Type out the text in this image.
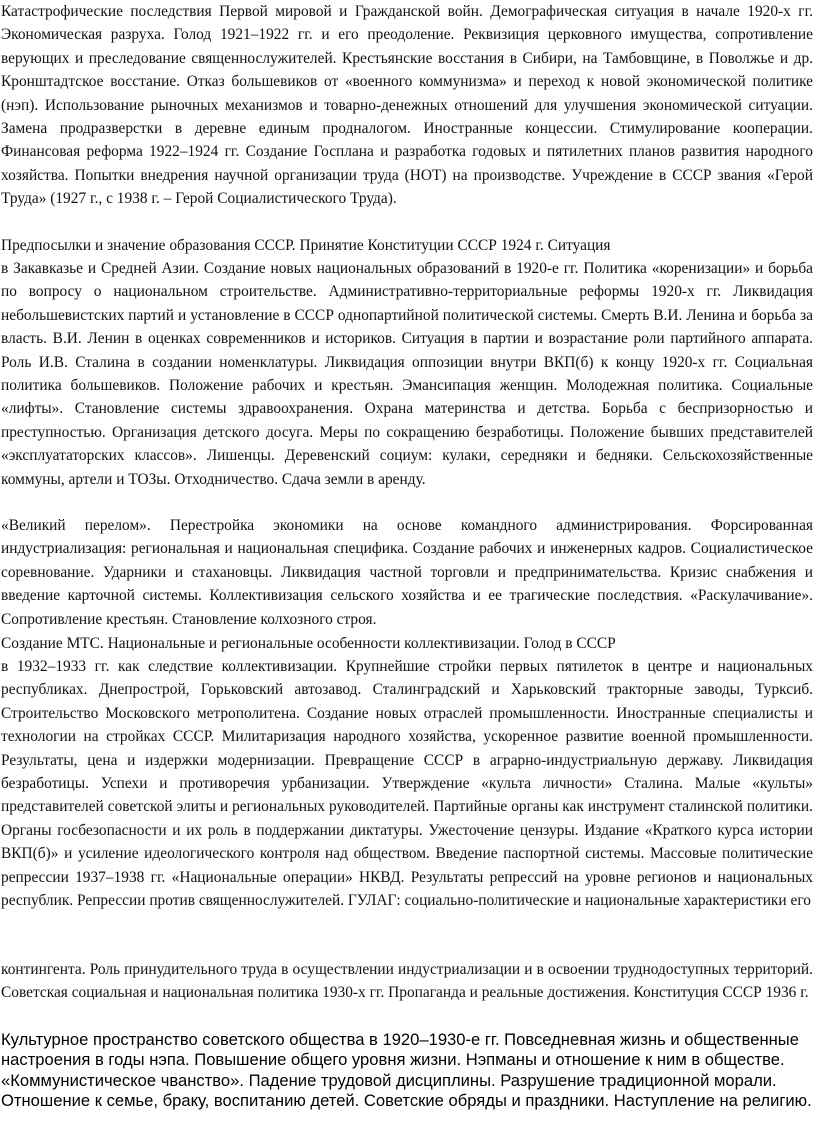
Катастрофические последствия Первой мировой и Гражданской войн. Демографическая ситуация в начале 1920-х гг. Экономическая разруха. Голод 1921–1922 гг. и его преодоление. Реквизиция церковного имущества, сопротивление верующих и преследование священнослужителей. Крестьянские восстания в Сибири, на Тамбовщине, в Поволжье и др. Кронштадтское восстание. Отказ большевиков от «военного коммунизма» и переход к новой экономической политике (нэп). Использование рыночных механизмов и товарно-денежных отношений для улучшения экономической ситуации. Замена продразверстки в деревне единым продналогом. Иностранные концессии. Стимулирование кооперации. Финансовая реформа 1922–1924 гг. Создание Госплана и разработка годовых и пятилетних планов развития народного хозяйства. Попытки внедрения научной организации труда (НОТ) на производстве. Учреждение в СССР звания «Герой Труда» (1927 г., с 1938 г. – Герой Социалистического Труда).

Предпосылки и значение образования СССР. Принятие Конституции СССР 1924 г. Ситуация

в Закавказье и Средней Азии. Создание новых национальных образований в 1920-е гг. Политика «коренизации» и борьба по вопросу о национальном строительстве. Административно-территориальные реформы 1920-х гг. Ликвидация небольшевистских партий и установление в СССР однопартийной политической системы. Смерть В.И. Ленина и борьба за власть. В.И. Ленин в оценках современников и историков. Ситуация в партии и возрастание роли партийного аппарата. Роль И.В. Сталина в создании номенклатуры. Ликвидация оппозиции внутри ВКП(б) к концу 1920-х гг. Социальная политика большевиков. Положение рабочих и крестьян. Эмансипация женщин. Молодежная политика. Социальные «лифты». Становление системы здравоохранения. Охрана материнства и детства. Борьба с беспризорностью и преступностью. Организация детского досуга. Меры по сокращению безработицы. Положение бывших представителей «эксплуататорских классов». Лишенцы. Деревенский социум: кулаки, середняки и бедняки. Сельскохозяйственные коммуны, артели и ТОЗы. Отходничество. Сдача земли в аренду.

«Великий перелом». Перестройка экономики на основе командного администрирования. Форсированная индустриализация: региональная и национальная специфика. Создание рабочих и инженерных кадров. Социалистическое соревнование. Ударники и стахановцы. Ликвидация частной торговли и предпринимательства. Кризис снабжения и введение карточной системы. Коллективизация сельского хозяйства и ее трагические последствия. «Раскулачивание». Сопротивление крестьян. Становление колхозного строя.

Создание МТС. Национальные и региональные особенности коллективизации. Голод в СССР

в 1932–1933 гг. как следствие коллективизации. Крупнейшие стройки первых пятилеток в центре и национальных республиках. Днепрострой, Горьковский автозавод. Сталинградский и Харьковский тракторные заводы, Турксиб. Строительство Московского метрополитена. Создание новых отраслей промышленности. Иностранные специалисты и технологии на стройках СССР. Милитаризация народного хозяйства, ускоренное развитие военной промышленности. Результаты, цена и издержки модернизации. Превращение СССР в аграрно-индустриальную державу. Ликвидация безработицы. Успехи и противоречия урбанизации. Утверждение «культа личности» Сталина. Малые «культы» представителей советской элиты и региональных руководителей. Партийные органы как инструмент сталинской политики. Органы госбезопасности и их роль в поддержании диктатуры. Ужесточение цензуры. Издание «Краткого курса истории ВКП(б)» и усиление идеологического контроля над обществом. Введение паспортной системы. Массовые политические репрессии 1937–1938 гг. «Национальные операции» НКВД. Результаты репрессий на уровне регионов и национальных республик. Репрессии против священнослужителей. ГУЛАГ: социально-политические и национальные характеристики его

контингента. Роль принудительного труда в осуществлении индустриализации и в освоении труднодоступных территорий. Советская социальная и национальная политика 1930-х гг. Пропаганда и реальные достижения. Конституция СССР 1936 г.

Культурное пространство советского общества в 1920–1930-е гг. Повседневная жизнь и общественные настроения в годы нэпа. Повышение общего уровня жизни. Нэпманы и отношение к ним в обществе. «Коммунистическое чванство». Падение трудовой дисциплины. Разрушение традиционной морали. Отношение к семье, браку, воспитанию детей. Советские обряды и праздники. Наступление на религию.
